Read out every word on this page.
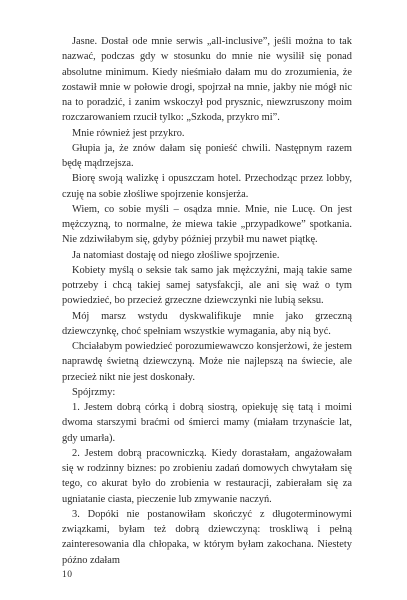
Jasne. Dostał ode mnie serwis „all-inclusive”, jeśli można to tak nazwać, podczas gdy w stosunku do mnie nie wysilił się ponad absolutne minimum. Kiedy nieśmiało dałam mu do zrozumienia, że zostawił mnie w połowie drogi, spojrzał na mnie, jakby nie mógł nic na to poradzić, i zanim wskoczył pod prysznic, niewzruszony moim rozczarowaniem rzucił tylko: „Szkoda, przykro mi”.

Mnie również jest przykro.

Głupia ja, że znów dałam się ponieść chwili. Następnym razem będę mądrzejsza.

Biorę swoją walizkę i opuszczam hotel. Przechodząc przez lobby, czuję na sobie złośliwe spojrzenie konsjerża.

Wiem, co sobie myśli – osądza mnie. Mnie, nie Lucę. On jest mężczyzną, to normalne, że miewa takie „przypadkowe” spotkania. Nie zdziwiłabym się, gdyby później przybił mu nawet piątkę.

Ja natomiast dostaję od niego złośliwe spojrzenie.

Kobiety myślą o seksie tak samo jak mężczyźni, mają takie same potrzeby i chcą takiej samej satysfakcji, ale ani się waż o tym powiedzieć, bo przecież grzeczne dziewczynki nie lubią seksu.

Mój marsz wstydu dyskwalifikuje mnie jako grzeczną dziewczynkę, choć spełniam wszystkie wymagania, aby nią być.

Chciałabym powiedzieć porozumiewawczo konsjerżowi, że jestem naprawdę świetną dziewczyną. Może nie najlepszą na świecie, ale przecież nikt nie jest doskonały.

Spójrzmy:

1. Jestem dobrą córką i dobrą siostrą, opiekuję się tatą i moimi dwoma starszymi braćmi od śmierci mamy (miałam trzynaście lat, gdy umarła).

2. Jestem dobrą pracowniczką. Kiedy dorastałam, angażowałam się w rodzinny biznes: po zrobieniu zadań domowych chwytałam się tego, co akurat było do zrobienia w restauracji, zabierałam się za ugniatanie ciasta, pieczenie lub zmywanie naczyń.

3. Dopóki nie postanowiłam skończyć z długoterminowymi związkami, byłam też dobrą dziewczyną: troskliwą i pełną zainteresowania dla chłopaka, w którym byłam zakochana. Niestety późno zdałam

10
